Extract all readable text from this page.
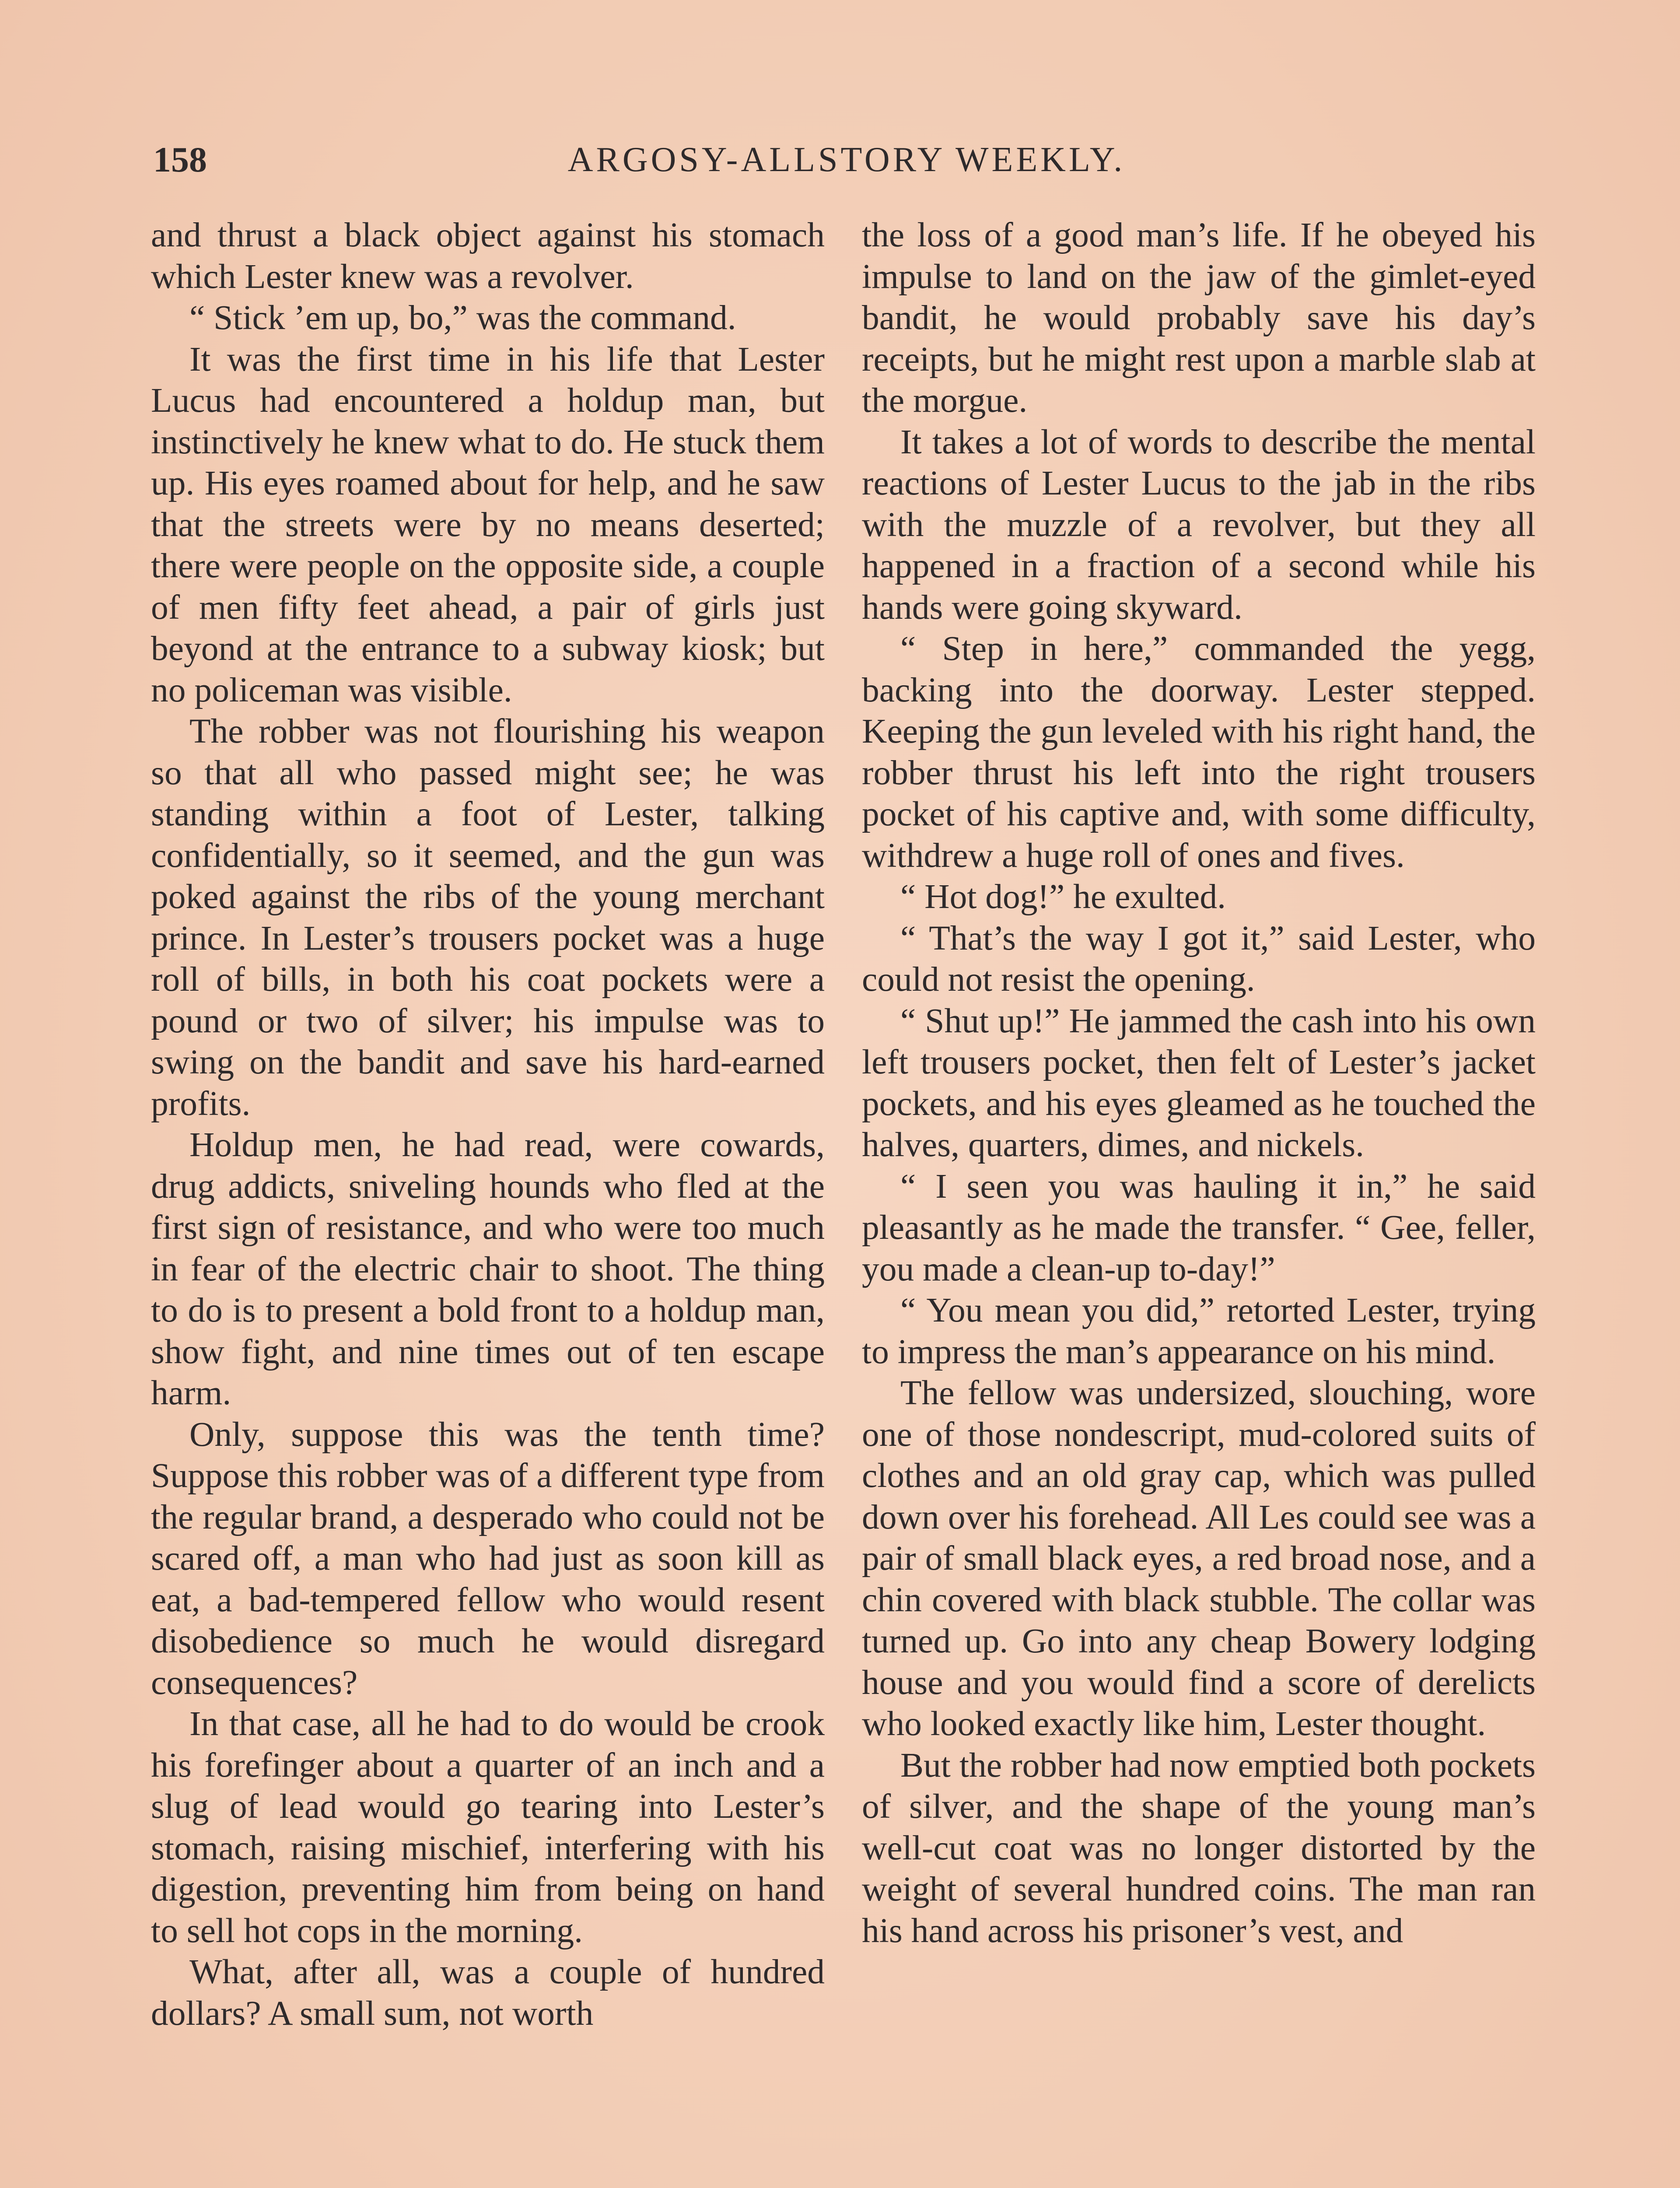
158	ARGOSY-ALLSTORY WEEKLY.

and thrust a black object against his stomach which Lester knew was a revolver.

“ Stick ’em up, bo,” was the command.

It was the first time in his life that Lester Lucus had encountered a holdup man, but instinctively he knew what to do. He stuck them up. His eyes roamed about for help, and he saw that the streets were by no means deserted; there were people on the opposite side, a couple of men fifty feet ahead, a pair of girls just beyond at the entrance to a subway kiosk; but no policeman was visible.

The robber was not flourishing his weapon so that all who passed might see; he was standing within a foot of Lester, talking confidentially, so it seemed, and the gun was poked against the ribs of the young merchant prince. In Lester’s trousers pocket was a huge roll of bills, in both his coat pockets were a pound or two of silver; his impulse was to swing on the bandit and save his hard-earned profits.

Holdup men, he had read, were cowards, drug addicts, sniveling hounds who fled at the first sign of resistance, and who were too much in fear of the electric chair to shoot. The thing to do is to present a bold front to a holdup man, show fight, and nine times out of ten escape harm.

Only, suppose this was the tenth time? Suppose this robber was of a different type from the regular brand, a desperado who could not be scared off, a man who had just as soon kill as eat, a bad-tempered fellow who would resent disobedience so much he would disregard consequences?

In that case, all he had to do would be crook his forefinger about a quarter of an inch and a slug of lead would go tearing into Lester’s stomach, raising mischief, interfering with his digestion, preventing him from being on hand to sell hot cops in the morning.

What, after all, was a couple of hundred dollars? A small sum, not worth

the loss of a good man’s life. If he obeyed his impulse to land on the jaw of the gimlet-eyed bandit, he would probably save his day’s receipts, but he might rest upon a marble slab at the morgue.

It takes a lot of words to describe the mental reactions of Lester Lucus to the jab in the ribs with the muzzle of a revolver, but they all happened in a fraction of a second while his hands were going skyward.

“ Step in here,” commanded the yegg, backing into the doorway. Lester stepped. Keeping the gun leveled with his right hand, the robber thrust his left into the right trousers pocket of his captive and, with some difficulty, withdrew a huge roll of ones and fives.

“ Hot dog!” he exulted.

“ That’s the way I got it,” said Lester, who could not resist the opening.

“ Shut up!” He jammed the cash into his own left trousers pocket, then felt of Lester’s jacket pockets, and his eyes gleamed as he touched the halves, quarters, dimes, and nickels.

“ I seen you was hauling it in,” he said pleasantly as he made the transfer. “ Gee, feller, you made a clean-up to-day!”

“ You mean you did,” retorted Lester, trying to impress the man’s appearance on his mind.

The fellow was undersized, slouching, wore one of those nondescript, mud-colored suits of clothes and an old gray cap, which was pulled down over his forehead. All Les could see was a pair of small black eyes, a red broad nose, and a chin covered with black stubble. The collar was turned up. Go into any cheap Bowery lodging house and you would find a score of derelicts who looked exactly like him, Lester thought.

But the robber had now emptied both pockets of silver, and the shape of the young man’s well-cut coat was no longer distorted by the weight of several hundred coins. The man ran his hand across his prisoner’s vest, and
